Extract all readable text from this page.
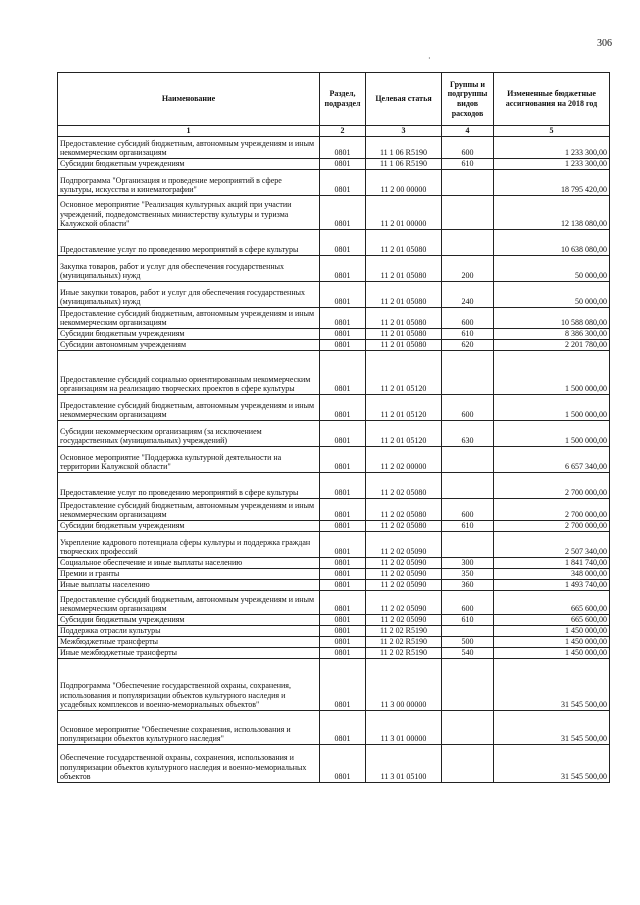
306
·
Наименование	Раздел, подраздел	Целевая статья	Группы и подгруппы видов расходов	Измененные бюджетные ассигнования на 2018 год
1	2	3	4	5
Предоставление субсидий бюджетным, автономным учреждениям и иным некоммерческим организациям	0801	11 1 06 R5190	600	1 233 300,00
Субсидии бюджетным учреждениям	0801	11 1 06 R5190	610	1 233 300,00
Подпрограмма "Организация и проведение мероприятий в сфере культуры, искусства и кинематографии"	0801	11 2 00 00000		18 795 420,00
Основное мероприятие "Реализация культурных акций при участии учреждений, подведомственных министерству культуры и туризма Калужской области"	0801	11 2 01 00000		12 138 080,00
Предоставление услуг по проведению мероприятий в сфере культуры	0801	11 2 01 05080		10 638 080,00
Закупка товаров, работ и услуг для обеспечения государственных (муниципальных) нужд	0801	11 2 01 05080	200	50 000,00
Иные закупки товаров, работ и услуг для обеспечения государственных (муниципальных) нужд	0801	11 2 01 05080	240	50 000,00
Предоставление субсидий бюджетным, автономным учреждениям и иным некоммерческим организациям	0801	11 2 01 05080	600	10 588 080,00
Субсидии бюджетным учреждениям	0801	11 2 01 05080	610	8 386 300,00
Субсидии автономным учреждениям	0801	11 2 01 05080	620	2 201 780,00
Предоставление субсидий социально ориентированным некоммерческим организациям на реализацию творческих проектов в сфере культуры	0801	11 2 01 05120		1 500 000,00
Предоставление субсидий бюджетным, автономным учреждениям и иным некоммерческим организациям	0801	11 2 01 05120	600	1 500 000,00
Субсидии некоммерческим организациям (за исключением государственных (муниципальных) учреждений)	0801	11 2 01 05120	630	1 500 000,00
Основное мероприятие "Поддержка культурной деятельности на территории Калужской области"	0801	11 2 02 00000		6 657 340,00
Предоставление услуг по проведению мероприятий в сфере культуры	0801	11 2 02 05080		2 700 000,00
Предоставление субсидий бюджетным, автономным учреждениям и иным некоммерческим организациям	0801	11 2 02 05080	600	2 700 000,00
Субсидии бюджетным учреждениям	0801	11 2 02 05080	610	2 700 000,00
Укрепление кадрового потенциала сферы культуры и поддержка граждан творческих профессий	0801	11 2 02 05090		2 507 340,00
Социальное обеспечение и иные выплаты населению	0801	11 2 02 05090	300	1 841 740,00
Премии и гранты	0801	11 2 02 05090	350	348 000,00
Иные выплаты населению	0801	11 2 02 05090	360	1 493 740,00
Предоставление субсидий бюджетным, автономным учреждениям и иным некоммерческим организациям	0801	11 2 02 05090	600	665 600,00
Субсидии бюджетным учреждениям	0801	11 2 02 05090	610	665 600,00
Поддержка отрасли культуры	0801	11 2 02 R5190		1 450 000,00
Межбюджетные трансферты	0801	11 2 02 R5190	500	1 450 000,00
Иные межбюджетные трансферты	0801	11 2 02 R5190	540	1 450 000,00
Подпрограмма "Обеспечение государственной охраны, сохранения, использования и популяризации объектов культурного наследия и усадебных комплексов и военно-мемориальных объектов"	0801	11 3 00 00000		31 545 500,00
Основное мероприятие "Обеспечение сохранения, использования и популяризации объектов культурного наследия"	0801	11 3 01 00000		31 545 500,00
Обеспечение государственной охраны, сохранения, использования и популяризации объектов культурного наследия и военно-мемориальных объектов	0801	11 3 01 05100		31 545 500,00
